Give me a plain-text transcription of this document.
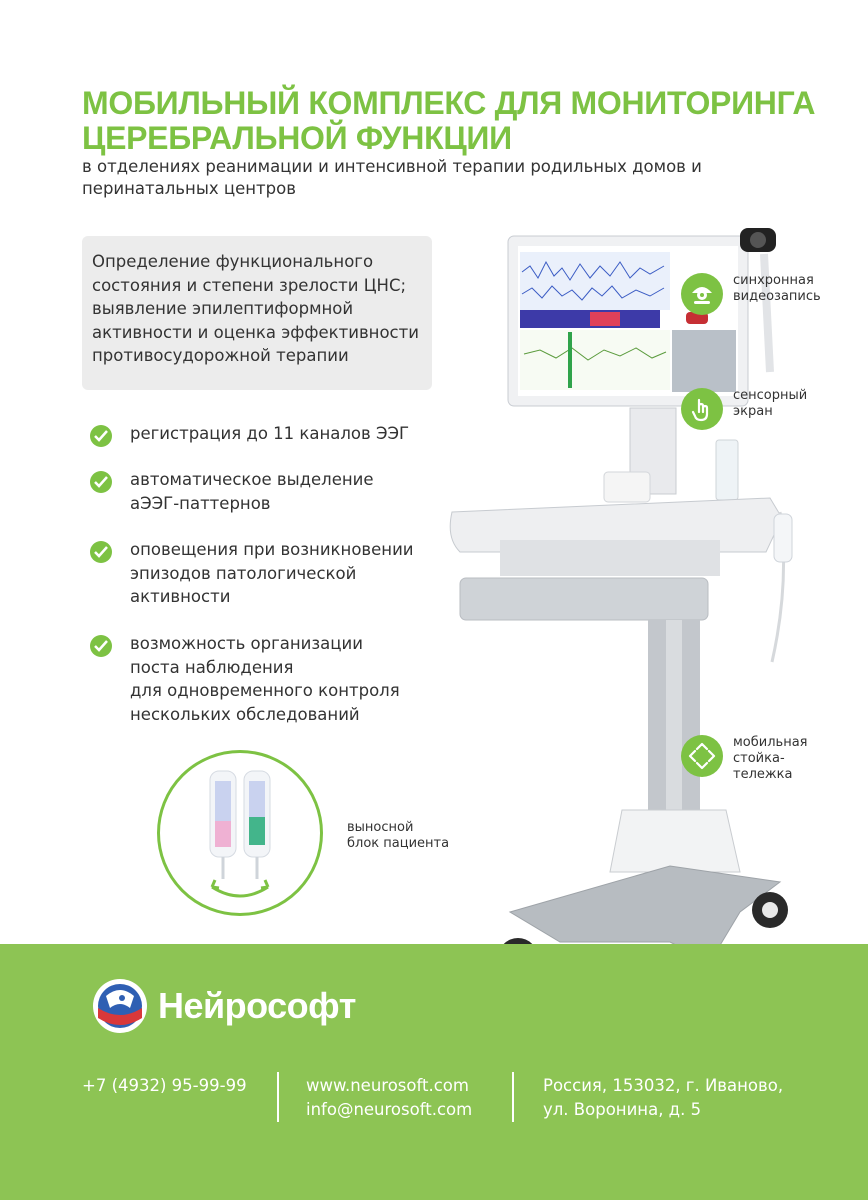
МОБИЛЬНЫЙ КОМПЛЕКС ДЛЯ МОНИТОРИНГА ЦЕРЕБРАЛЬНОЙ ФУНКЦИИ

в отделениях реанимации и интенсивной терапии родильных домов и перинатальных центров

Определение функционального состояния и степени зрелости ЦНС; выявление эпилептиформной активности и оценка эффективности противосудорожной терапии
регистрация до 11 каналов ЭЭГ
автоматическое выделение
аЭЭГ-паттернов
оповещения при возникновении
эпизодов патологической
активности
возможность организации
поста наблюдения
для одновременного контроля
нескольких обследований
выносной
блок пациента
синхронная
видеозапись
сенсорный
экран
мобильная
стойка-
тележка
Нейрософт
+7 (4932) 95-99-99	www.neurosoft.com
info@neurosoft.com
Россия, 153032, г. Иваново,
ул. Воронина, д. 5
